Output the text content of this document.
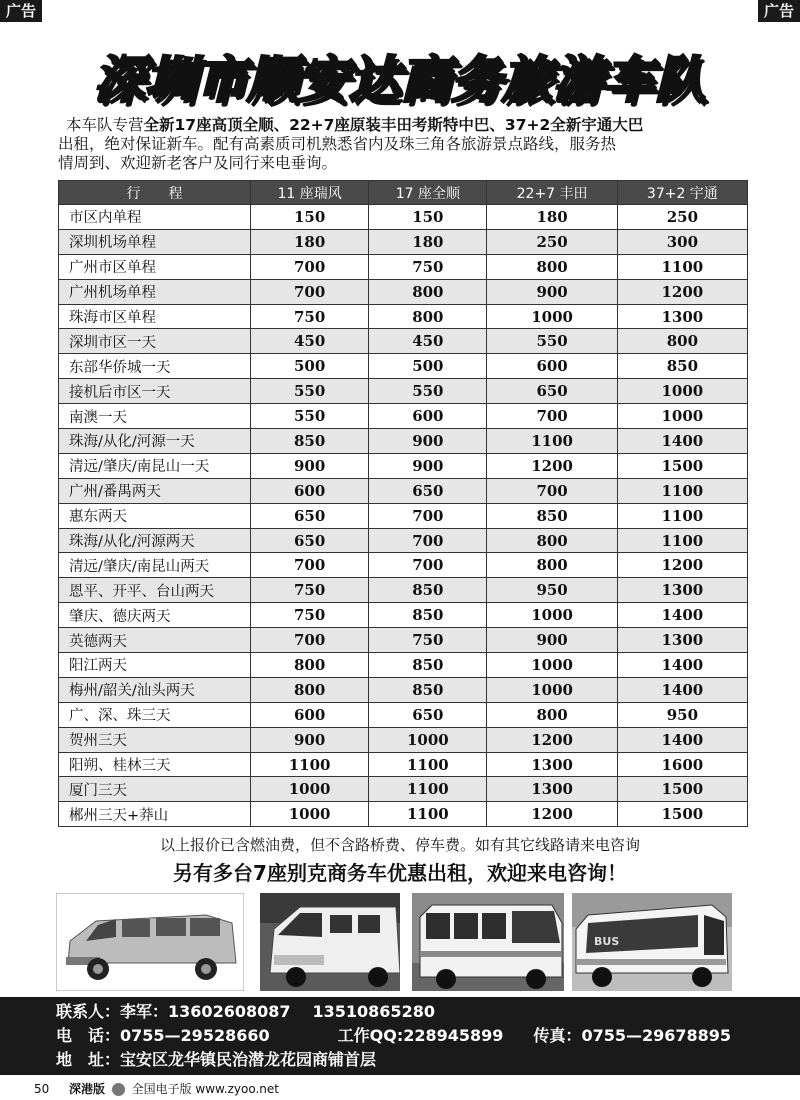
广告	广告
深圳市顺安达商务旅游车队
本车队专营全新17座高顶全顺、22+7座原装丰田考斯特中巴、37+2全新宇通大巴
出租，绝对保证新车。配有高素质司机熟悉省内及珠三角各旅游景点路线，服务热
情周到、欢迎新老客户及同行来电垂询。
行　　程	11 座瑞风	17 座全顺	22+7 丰田	37+2 宇通
市区内单程	150	150	180	250
深圳机场单程	180	180	250	300
广州市区单程	700	750	800	1100
广州机场单程	700	800	900	1200
珠海市区单程	750	800	1000	1300
深圳市区一天	450	450	550	800
东部华侨城一天	500	500	600	850
接机后市区一天	550	550	650	1000
南澳一天	550	600	700	1000
珠海/从化/河源一天	850	900	1100	1400
清远/肇庆/南昆山一天	900	900	1200	1500
广州/番禺两天	600	650	700	1100
惠东两天	650	700	850	1100
珠海/从化/河源两天	650	700	800	1100
清远/肇庆/南昆山两天	700	700	800	1200
恩平、开平、台山两天	750	850	950	1300
肇庆、德庆两天	750	850	1000	1400
英德两天	700	750	900	1300
阳江两天	800	850	1000	1400
梅州/韶关/汕头两天	800	850	1000	1400
广、深、珠三天	600	650	800	950
贺州三天	900	1000	1200	1400
阳朔、桂林三天	1100	1100	1300	1600
厦门三天	1000	1100	1300	1500
郴州三天+莽山	1000	1100	1200	1500
以上报价已含燃油费，但不含路桥费、停车费。如有其它线路请来电咨询
另有多台7座别克商务车优惠出租，欢迎来电咨询！
BUS
联系人：李军：13602608087 13510865280
电　话：0755—29528660	工作QQ:228945899 传真：0755—29678895
地　址：宝安区龙华镇民治潜龙花园商铺首层
50 深港版 全国电子版 www.zyoo.net
